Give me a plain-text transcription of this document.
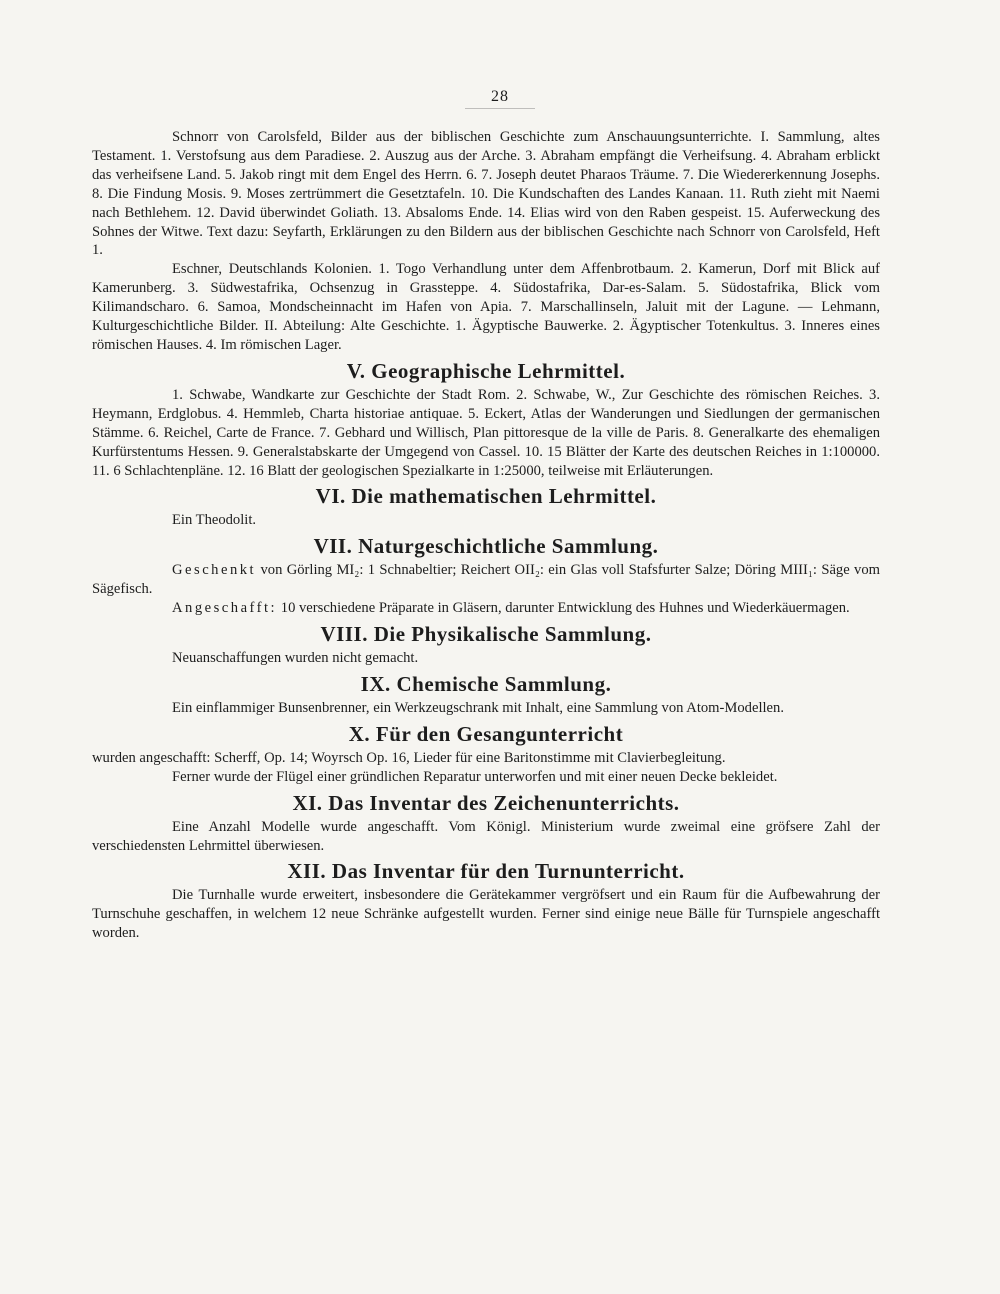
28

Schnorr von Carolsfeld, Bilder aus der biblischen Geschichte zum Anschauungsunterrichte. I. Sammlung, altes Testament. 1. Verstofsung aus dem Paradiese. 2. Auszug aus der Arche. 3. Abraham empfängt die Verheifsung. 4. Abraham erblickt das verheifsene Land. 5. Jakob ringt mit dem Engel des Herrn. 6. 7. Joseph deutet Pharaos Träume. 7. Die Wiedererkennung Josephs. 8. Die Findung Mosis. 9. Moses zertrümmert die Gesetztafeln. 10. Die Kundschaften des Landes Kanaan. 11. Ruth zieht mit Naemi nach Bethlehem. 12. David überwindet Goliath. 13. Absaloms Ende. 14. Elias wird von den Raben gespeist. 15. Auferweckung des Sohnes der Witwe. Text dazu: Seyfarth, Erklärungen zu den Bildern aus der biblischen Geschichte nach Schnorr von Carolsfeld, Heft 1.

Eschner, Deutschlands Kolonien. 1. Togo Verhandlung unter dem Affenbrotbaum. 2. Kamerun, Dorf mit Blick auf Kamerunberg. 3. Südwestafrika, Ochsenzug in Grassteppe. 4. Südostafrika, Dar-es-Salam. 5. Südostafrika, Blick vom Kilimandscharo. 6. Samoa, Mondscheinnacht im Hafen von Apia. 7. Marschallinseln, Jaluit mit der Lagune. — Lehmann, Kulturgeschichtliche Bilder. II. Abteilung: Alte Geschichte. 1. Ägyptische Bauwerke. 2. Ägyptischer Totenkultus. 3. Inneres eines römischen Hauses. 4. Im römischen Lager.

V. Geographische Lehrmittel.

1. Schwabe, Wandkarte zur Geschichte der Stadt Rom. 2. Schwabe, W., Zur Geschichte des römischen Reiches. 3. Heymann, Erdglobus. 4. Hemmleb, Charta historiae antiquae. 5. Eckert, Atlas der Wanderungen und Siedlungen der germanischen Stämme. 6. Reichel, Carte de France. 7. Gebhard und Willisch, Plan pittoresque de la ville de Paris. 8. Generalkarte des ehemaligen Kurfürstentums Hessen. 9. Generalstabskarte der Umgegend von Cassel. 10. 15 Blätter der Karte des deutschen Reiches in 1:100000. 11. 6 Schlachtenpläne. 12. 16 Blatt der geologischen Spezialkarte in 1:25000, teilweise mit Erläuterungen.

VI. Die mathematischen Lehrmittel.

Ein Theodolit.

VII. Naturgeschichtliche Sammlung.

Geschenkt von Görling MI₂: 1 Schnabeltier; Reichert OII₂: ein Glas voll Stafsfurter Salze; Döring MIII₁: Säge vom Sägefisch.

Angeschafft: 10 verschiedene Präparate in Gläsern, darunter Entwicklung des Huhnes und Wiederkäuermagen.

VIII. Die Physikalische Sammlung.

Neuanschaffungen wurden nicht gemacht.

IX. Chemische Sammlung.

Ein einflammiger Bunsenbrenner, ein Werkzeugschrank mit Inhalt, eine Sammlung von Atom-Modellen.

X. Für den Gesangunterricht

wurden angeschafft: Scherff, Op. 14; Woyrsch Op. 16, Lieder für eine Baritonstimme mit Clavierbegleitung.

Ferner wurde der Flügel einer gründlichen Reparatur unterworfen und mit einer neuen Decke bekleidet.

XI. Das Inventar des Zeichenunterrichts.

Eine Anzahl Modelle wurde angeschafft. Vom Königl. Ministerium wurde zweimal eine gröfsere Zahl der verschiedensten Lehrmittel überwiesen.

XII. Das Inventar für den Turnunterricht.

Die Turnhalle wurde erweitert, insbesondere die Gerätekammer vergröfsert und ein Raum für die Aufbewahrung der Turnschuhe geschaffen, in welchem 12 neue Schränke aufgestellt wurden. Ferner sind einige neue Bälle für Turnspiele angeschafft worden.
